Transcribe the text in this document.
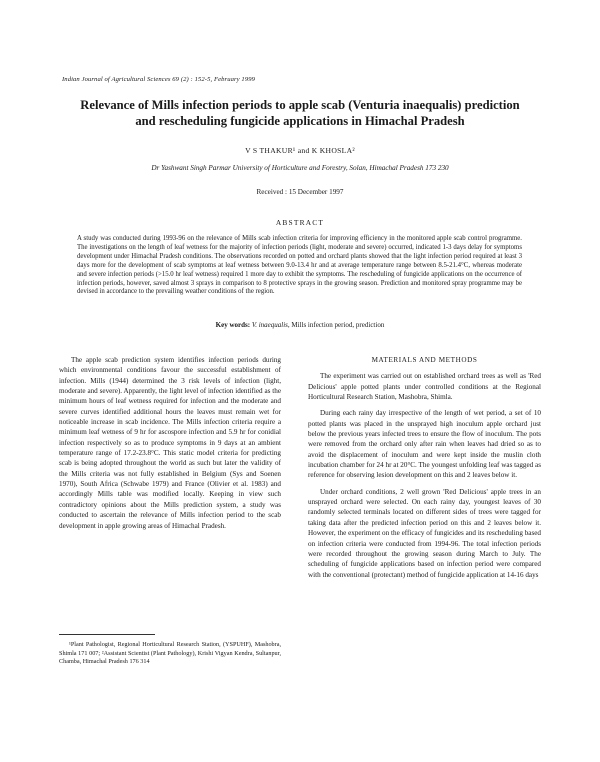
Indian Journal of Agricultural Sciences 69 (2) : 152-5, February 1999
Relevance of Mills infection periods to apple scab (Venturia inaequalis) prediction
and rescheduling fungicide applications in Himachal Pradesh
V S THAKUR¹ and K KHOSLA²
Dr Yashwant Singh Parmar University of Horticulture and Forestry, Solan, Himachal Pradesh 173 230
Received : 15 December 1997
ABSTRACT
A study was conducted during 1993-96 on the relevance of Mills scab infection criteria for improving efficiency in the monitored apple scab control programme. The investigations on the length of leaf wetness for the majority of infection periods (light, moderate and severe) occurred, indicated 1-3 days delay for symptoms development under Himachal Pradesh conditions. The observations recorded on potted and orchard plants showed that the light infection period required at least 3 days more for the development of scab symptoms at leaf wetness between 9.0-13.4 hr and at average temperature range between 8.5-21.4°C, whereas moderate and severe infection periods (>15.0 hr leaf wetness) required 1 more day to exhibit the symptoms. The rescheduling of fungicide applications on the occurrence of infection periods, however, saved almost 3 sprays in comparison to 8 protective sprays in the growing season. Prediction and monitored spray programme may be devised in accordance to the prevailing weather conditions of the region.
Key words: V. inaequalis, Mills infection period, prediction

The apple scab prediction system identifies infection periods during which environmental conditions favour the successful establishment of infection. Mills (1944) determined the 3 risk levels of infection (light, moderate and severe). Apparently, the light level of infection identified as the minimum hours of leaf wetness required for infection and the moderate and severe curves identified additional hours the leaves must remain wet for noticeable increase in scab incidence. The Mills infection criteria require a minimum leaf wetness of 9 hr for ascospore infection and 5.9 hr for conidial infection respectively so as to produce symptoms in 9 days at an ambient temperature range of 17.2-23.8°C. This static model criteria for predicting scab is being adopted throughout the world as such but later the validity of the Mills criteria was not fully established in Belgium (Sys and Soenen 1970), South Africa (Schwabe 1979) and France (Olivier et al. 1983) and accordingly Mills table was modified locally. Keeping in view such contradictory opinions about the Mills prediction system, a study was conducted to ascertain the relevance of Mills infection period to the scab development in apple growing areas of Himachal Pradesh.

¹Plant Pathologist, Regional Horticultural Research Station, (YSPUHF), Mashobra, Shimla 171 007; ²Assistant Scientist (Plant Pathology), Krishi Vigyan Kendra, Sultanpur, Chamba, Himachal Pradesh 176 314

MATERIALS AND METHODS

The experiment was carried out on established orchard trees as well as 'Red Delicious' apple potted plants under controlled conditions at the Regional Horticultural Research Station, Mashobra, Shimla.

During each rainy day irrespective of the length of wet period, a set of 10 potted plants was placed in the unsprayed high inoculum apple orchard just below the previous years infected trees to ensure the flow of inoculum. The pots were removed from the orchard only after rain when leaves had dried so as to avoid the displacement of inoculum and were kept inside the muslin cloth incubation chamber for 24 hr at 20°C. The youngest unfolding leaf was tagged as reference for observing lesion development on this and 2 leaves below it.

Under orchard conditions, 2 well grown 'Red Delicious' apple trees in an unsprayed orchard were selected. On each rainy day, youngest leaves of 30 randomly selected terminals located on different sides of trees were tagged for taking data after the predicted infection period on this and 2 leaves below it. However, the experiment on the efficacy of fungicides and its rescheduling based on infection criteria were conducted from 1994-96. The total infection periods were recorded throughout the growing season during March to July. The scheduling of fungicide applications based on infection period were compared with the conventional (protectant) method of fungicide application at 14-16 days
